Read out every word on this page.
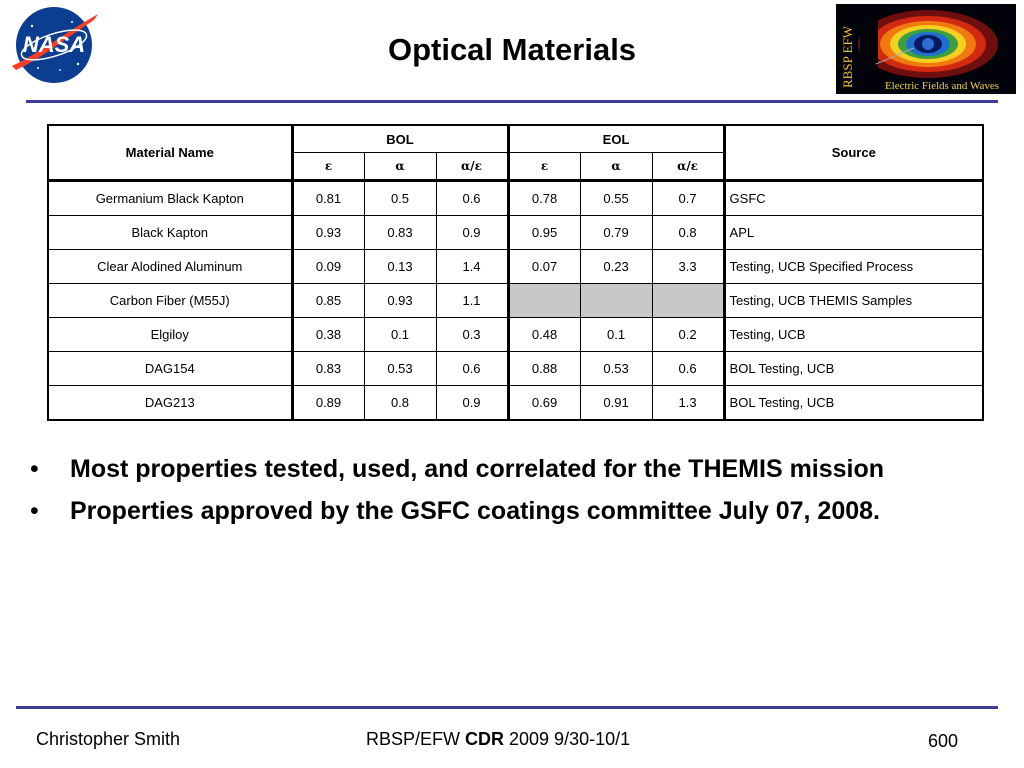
NASA	Optical Materials	RBSP EFW	Electric Fields and Waves
Material Name	BOL			EOL			Source
	ε	α	α/ε	ε	α	α/ε	
Germanium Black Kapton	0.81	0.5	0.6	0.78	0.55	0.7	GSFC
Black Kapton	0.93	0.83	0.9	0.95	0.79	0.8	APL
Clear Alodined Aluminum	0.09	0.13	1.4	0.07	0.23	3.3	Testing, UCB Specified Process
Carbon Fiber (M55J)	0.85	0.93	1.1				Testing, UCB THEMIS Samples
Elgiloy	0.38	0.1	0.3	0.48	0.1	0.2	Testing, UCB
DAG154	0.83	0.53	0.6	0.88	0.53	0.6	BOL Testing, UCB
DAG213	0.89	0.8	0.9	0.69	0.91	1.3	BOL Testing, UCB
• Most properties tested, used, and correlated for the THEMIS mission
• Properties approved by the GSFC coatings committee July 07, 2008.
Christopher Smith	RBSP/EFW CDR 2009 9/30-10/1	600
